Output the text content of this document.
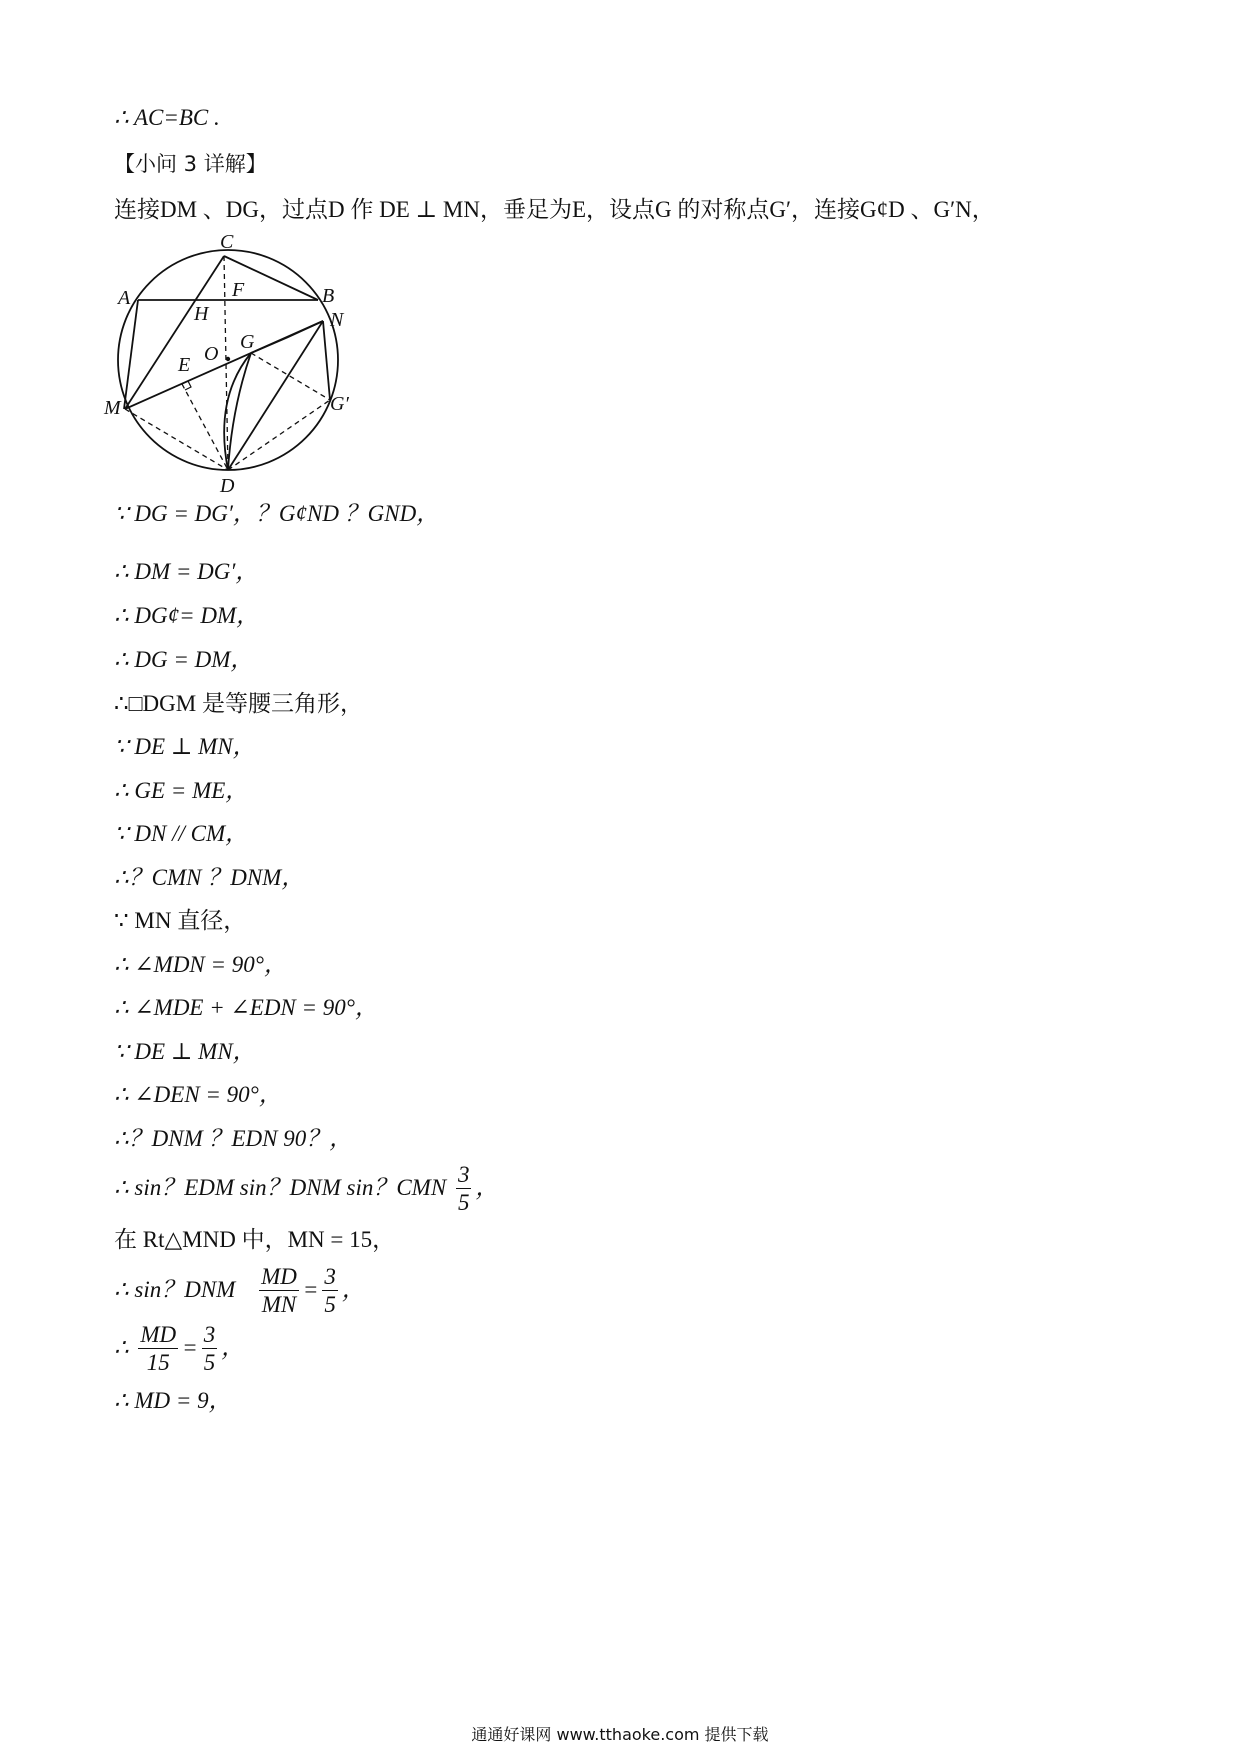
∴ AC=BC .
【小问 3 详解】
连接DM 、DG，过点D 作 DE ⊥ MN，垂足为E，设点G 的对称点G′，连接G¢D 、G′N，
C
A	B
F
H	N
O
G
E
G′
M
D
∵ DG = DG′，？G¢ND ？GND，
∴ DM = DG′，
∴ DG¢= DM，
∴ DG = DM，
∴□DGM 是等腰三角形，
∵ DE ⊥ MN，
∴ GE = ME，
∵ DN // CM，
∴？CMN ？DNM，
∵ MN 直径，
∴ ∠MDN = 90°，
∴ ∠MDE + ∠EDN = 90°，
∵ DE ⊥ MN，
∴ ∠DEN = 90°，
∴？DNM ？EDN 90？，
∴ sin？EDM sin？DNM sin？CMN $\frac{3}{5}$ ，
在 Rt△MND 中，MN = 15，
∴ sin？DNM $\frac{MD}{MN} = \frac{3}{5}$ ，
∴ $\frac{MD}{15} = \frac{3}{5}$ ，
∴ MD = 9，
通通好课网 www.tthaoke.com 提供下载
